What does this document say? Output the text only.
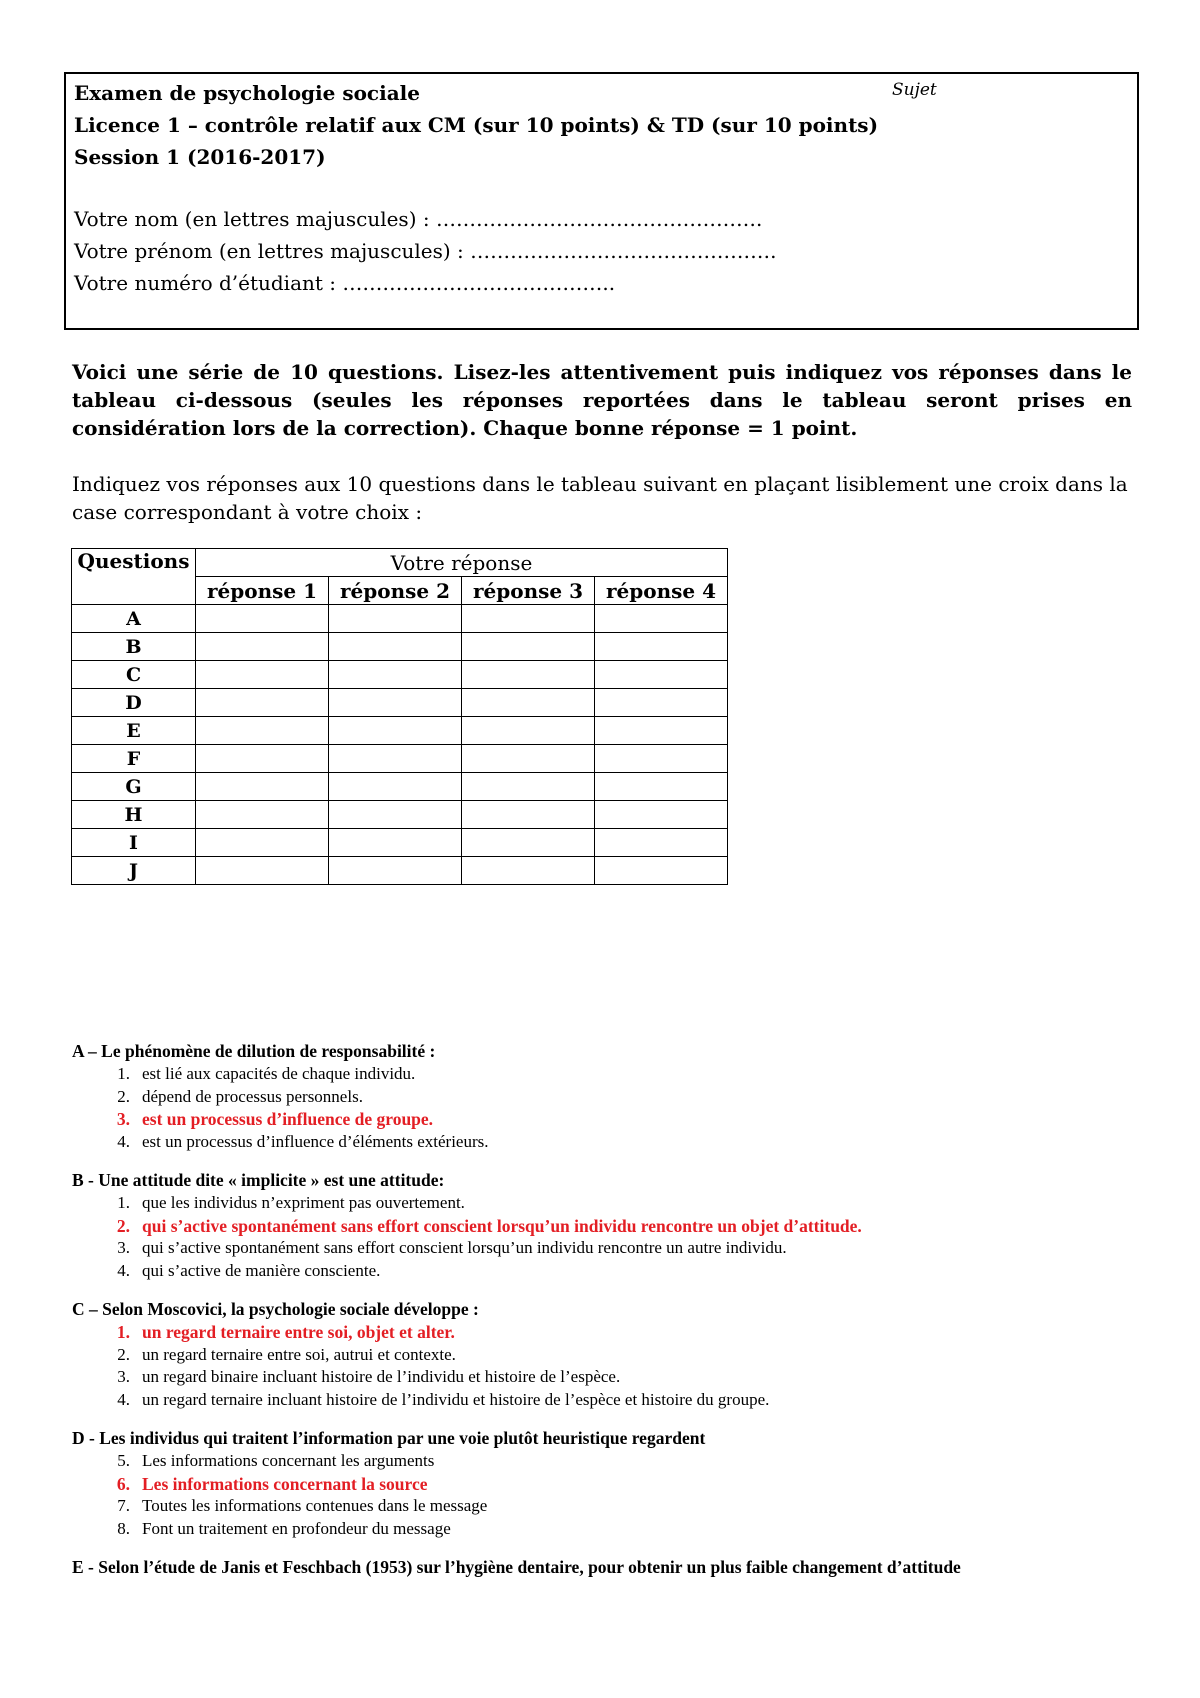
Examen de psychologie sociale	Sujet
Licence 1 – contrôle relatif aux CM (sur 10 points) & TD (sur 10 points)
Session 1 (2016-2017)
Votre nom (en lettres majuscules) : ………………………………………….
Votre prénom (en lettres majuscules) : ……………………………………….
Votre numéro d’étudiant : …………………………………..
Voici une série de 10 questions. Lisez-les attentivement puis indiquez vos réponses dans le tableau ci-dessous (seules les réponses reportées dans le tableau seront prises en considération lors de la correction). Chaque bonne réponse = 1 point.
Indiquez vos réponses aux 10 questions dans le tableau suivant en plaçant lisiblement une croix dans la case correspondant à votre choix :
Questions	Votre réponse			
	réponse 1	réponse 2	réponse 3	réponse 4
A				
B				
C				
D				
E				
F				
G				
H				
I				
J				
A – Le phénomène de dilution de responsabilité :
1. est lié aux capacités de chaque individu.
2. dépend de processus personnels.
3. est un processus d’influence de groupe.
4. est un processus d’influence d’éléments extérieurs.
B - Une attitude dite « implicite » est une attitude:
1. que les individus n’expriment pas ouvertement.
2. qui s’active spontanément sans effort conscient lorsqu’un individu rencontre un objet d’attitude.
3. qui s’active spontanément sans effort conscient lorsqu’un individu rencontre un autre individu.
4. qui s’active de manière consciente.
C – Selon Moscovici, la psychologie sociale développe :
1. un regard ternaire entre soi, objet et alter.
2. un regard ternaire entre soi, autrui et contexte.
3. un regard binaire incluant histoire de l’individu et histoire de l’espèce.
4. un regard ternaire incluant histoire de l’individu et histoire de l’espèce et histoire du groupe.
D - Les individus qui traitent l’information par une voie plutôt heuristique regardent
5. Les informations concernant les arguments
6. Les informations concernant la source
7. Toutes les informations contenues dans le message
8. Font un traitement en profondeur du message
E - Selon l’étude de Janis et Feschbach (1953) sur l’hygiène dentaire, pour obtenir un plus faible changement d’attitude
